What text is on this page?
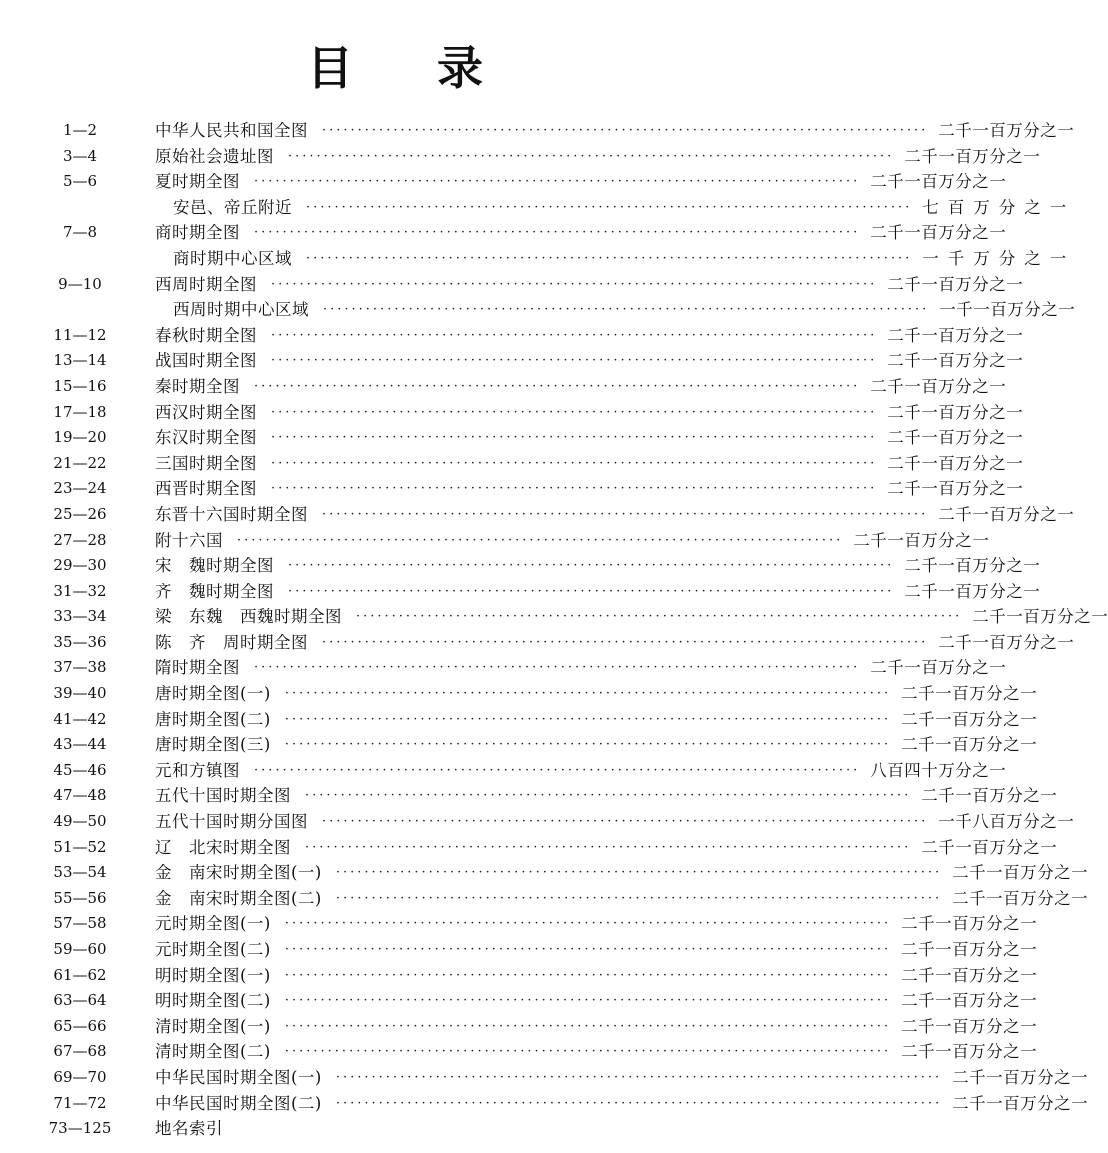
目 录
1—2	中华人民共和国全图 ····················································································· 二千一百万分之一
3—4	原始社会遗址图 ····················································································· 二千一百万分之一
5—6	夏时期全图 ····················································································· 二千一百万分之一
安邑、帝丘附近 ····················································································· 七百万分之一
7—8	商时期全图 ····················································································· 二千一百万分之一
商时期中心区域 ····················································································· 一千万分之一
9—10	西周时期全图 ····················································································· 二千一百万分之一
西周时期中心区域 ····················································································· 一千一百万分之一
11—12	春秋时期全图 ····················································································· 二千一百万分之一
13—14	战国时期全图 ····················································································· 二千一百万分之一
15—16	秦时期全图 ····················································································· 二千一百万分之一
17—18	西汉时期全图 ····················································································· 二千一百万分之一
19—20	东汉时期全图 ····················································································· 二千一百万分之一
21—22	三国时期全图 ····················································································· 二千一百万分之一
23—24	西晋时期全图 ····················································································· 二千一百万分之一
25—26	东晋十六国时期全图 ····················································································· 二千一百万分之一
27—28	附十六国 ····················································································· 二千一百万分之一
29—30	宋　魏时期全图 ····················································································· 二千一百万分之一
31—32	齐　魏时期全图 ····················································································· 二千一百万分之一
33—34	梁　东魏　西魏时期全图 ····················································································· 二千一百万分之一
35—36	陈　齐　周时期全图 ····················································································· 二千一百万分之一
37—38	隋时期全图 ····················································································· 二千一百万分之一
39—40	唐时期全图(一) ····················································································· 二千一百万分之一
41—42	唐时期全图(二) ····················································································· 二千一百万分之一
43—44	唐时期全图(三) ····················································································· 二千一百万分之一
45—46	元和方镇图 ····················································································· 八百四十万分之一
47—48	五代十国时期全图 ····················································································· 二千一百万分之一
49—50	五代十国时期分国图 ····················································································· 一千八百万分之一
51—52	辽　北宋时期全图 ····················································································· 二千一百万分之一
53—54	金　南宋时期全图(一) ····················································································· 二千一百万分之一
55—56	金　南宋时期全图(二) ····················································································· 二千一百万分之一
57—58	元时期全图(一) ····················································································· 二千一百万分之一
59—60	元时期全图(二) ····················································································· 二千一百万分之一
61—62	明时期全图(一) ····················································································· 二千一百万分之一
63—64	明时期全图(二) ····················································································· 二千一百万分之一
65—66	清时期全图(一) ····················································································· 二千一百万分之一
67—68	清时期全图(二) ····················································································· 二千一百万分之一
69—70	中华民国时期全图(一) ····················································································· 二千一百万分之一
71—72	中华民国时期全图(二) ····················································································· 二千一百万分之一
73—125	地名索引
